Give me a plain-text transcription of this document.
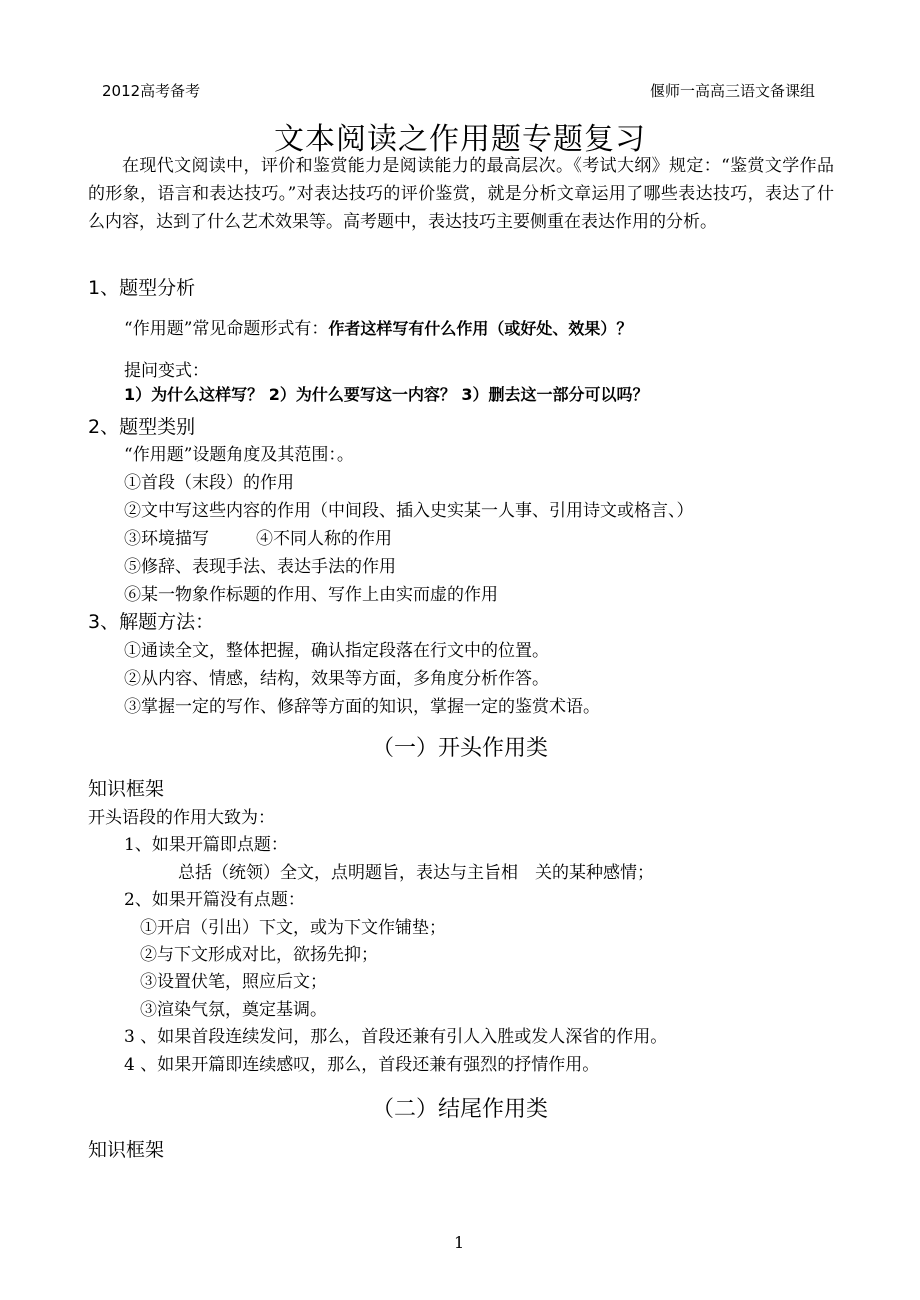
2012高考备考	偃师一高高三语文备课组
文本阅读之作用题专题复习
在现代文阅读中，评价和鉴赏能力是阅读能力的最高层次。《考试大纲》规定：“鉴赏文学作品的形象，语言和表达技巧。”对表达技巧的评价鉴赏，就是分析文章运用了哪些表达技巧，表达了什么内容，达到了什么艺术效果等。高考题中，表达技巧主要侧重在表达作用的分析。
1、题型分析
“作用题”常见命题形式有：作者这样写有什么作用（或好处、效果）？
提问变式：
1）为什么这样写？ 2）为什么要写这一内容？ 3）删去这一部分可以吗？
2、题型类别
“作用题”设题角度及其范围：。
①首段（末段）的作用
②文中写这些内容的作用（中间段、插入史实某一人事、引用诗文或格言、）
③环境描写	④不同人称的作用
⑤修辞、表现手法、表达手法的作用
⑥某一物象作标题的作用、写作上由实而虚的作用
3、解题方法：
①通读全文，整体把握，确认指定段落在行文中的位置。
②从内容、情感，结构，效果等方面，多角度分析作答。
③掌握一定的写作、修辞等方面的知识，掌握一定的鉴赏术语。
（一）开头作用类
知识框架
开头语段的作用大致为：
1、如果开篇即点题：
总括（统领）全文，点明题旨，表达与主旨相　关的某种感情；
2、如果开篇没有点题：
①开启（引出）下文，或为下文作铺垫；
②与下文形成对比，欲扬先抑；
③设置伏笔，照应后文；
③渲染气氛，奠定基调。
3 、如果首段连续发问，那么，首段还兼有引人入胜或发人深省的作用。
4 、如果开篇即连续感叹，那么，首段还兼有强烈的抒情作用。
（二）结尾作用类
知识框架
1
